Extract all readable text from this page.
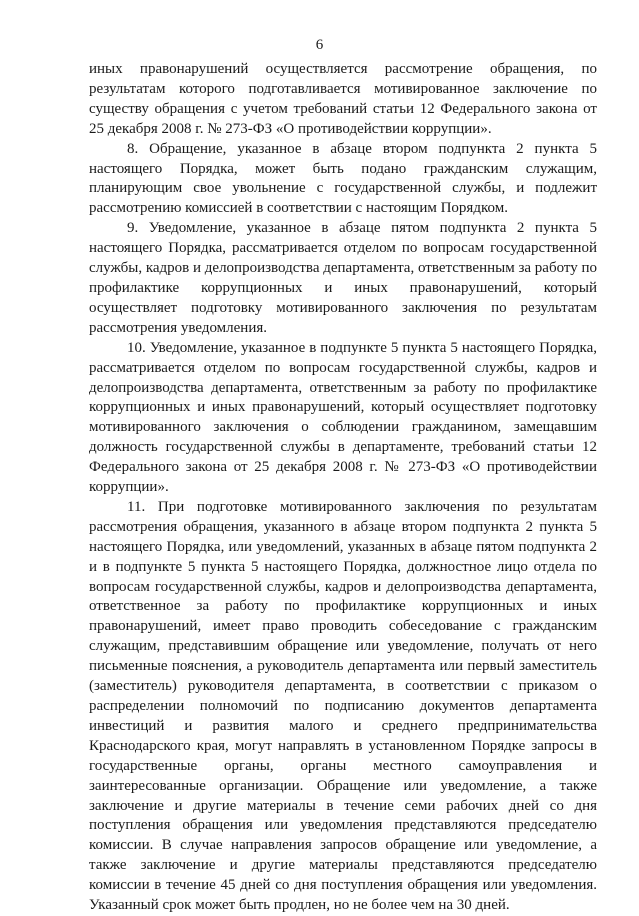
6

иных правонарушений осуществляется рассмотрение обращения, по результатам которого подготавливается мотивированное заключение по существу обращения с учетом требований статьи 12 Федерального закона от 25 декабря 2008 г. № 273-ФЗ «О противодействии коррупции».

8. Обращение, указанное в абзаце втором подпункта 2 пункта 5 настоящего Порядка, может быть подано гражданским служащим, планирующим свое увольнение с государственной службы, и подлежит рассмотрению комиссией в соответствии с настоящим Порядком.

9. Уведомление, указанное в абзаце пятом подпункта 2 пункта 5 настоящего Порядка, рассматривается отделом по вопросам государственной службы, кадров и делопроизводства департамента, ответственным за работу по профилактике коррупционных и иных правонарушений, который осуществляет подготовку мотивированного заключения по результатам рассмотрения уведомления.

10. Уведомление, указанное в подпункте 5 пункта 5 настоящего Порядка, рассматривается отделом по вопросам государственной службы, кадров и делопроизводства департамента, ответственным за работу по профилактике коррупционных и иных правонарушений, который осуществляет подготовку мотивированного заключения о соблюдении гражданином, замещавшим должность государственной службы в департаменте, требований статьи 12 Федерального закона от 25 декабря 2008 г. № 273-ФЗ «О противодействии коррупции».

11. При подготовке мотивированного заключения по результатам рассмотрения обращения, указанного в абзаце втором подпункта 2 пункта 5 настоящего Порядка, или уведомлений, указанных в абзаце пятом подпункта 2 и в подпункте 5 пункта 5 настоящего Порядка, должностное лицо отдела по вопросам государственной службы, кадров и делопроизводства департамента, ответственное за работу по профилактике коррупционных и иных правонарушений, имеет право проводить собеседование с гражданским служащим, представившим обращение или уведомление, получать от него письменные пояснения, а руководитель департамента или первый заместитель (заместитель) руководителя департамента, в соответствии с приказом о распределении полномочий по подписанию документов департамента инвестиций и развития малого и среднего предпринимательства Краснодарского края, могут направлять в установленном Порядке запросы в государственные органы, органы местного самоуправления и заинтересованные организации. Обращение или уведомление, а также заключение и другие материалы в течение семи рабочих дней со дня поступления обращения или уведомления представляются председателю комиссии. В случае направления запросов обращение или уведомление, а также заключение и другие материалы представляются председателю комиссии в течение 45 дней со дня поступления обращения или уведомления. Указанный срок может быть продлен, но не более чем на 30 дней.
